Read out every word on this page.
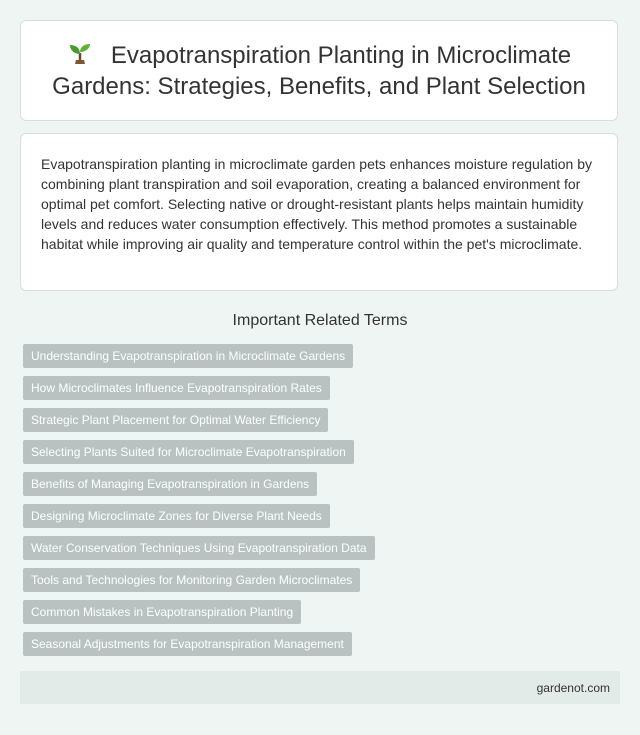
Evapotranspiration Planting in Microclimate Gardens: Strategies, Benefits, and Plant Selection

Evapotranspiration planting in microclimate garden pets enhances moisture regulation by combining plant transpiration and soil evaporation, creating a balanced environment for optimal pet comfort. Selecting native or drought-resistant plants helps maintain humidity levels and reduces water consumption effectively. This method promotes a sustainable habitat while improving air quality and temperature control within the pet's microclimate.

Important Related Terms
Understanding Evapotranspiration in Microclimate Gardens
How Microclimates Influence Evapotranspiration Rates
Strategic Plant Placement for Optimal Water Efficiency
Selecting Plants Suited for Microclimate Evapotranspiration
Benefits of Managing Evapotranspiration in Gardens
Designing Microclimate Zones for Diverse Plant Needs
Water Conservation Techniques Using Evapotranspiration Data
Tools and Technologies for Monitoring Garden Microclimates
Common Mistakes in Evapotranspiration Planting
Seasonal Adjustments for Evapotranspiration Management
gardenot.com
